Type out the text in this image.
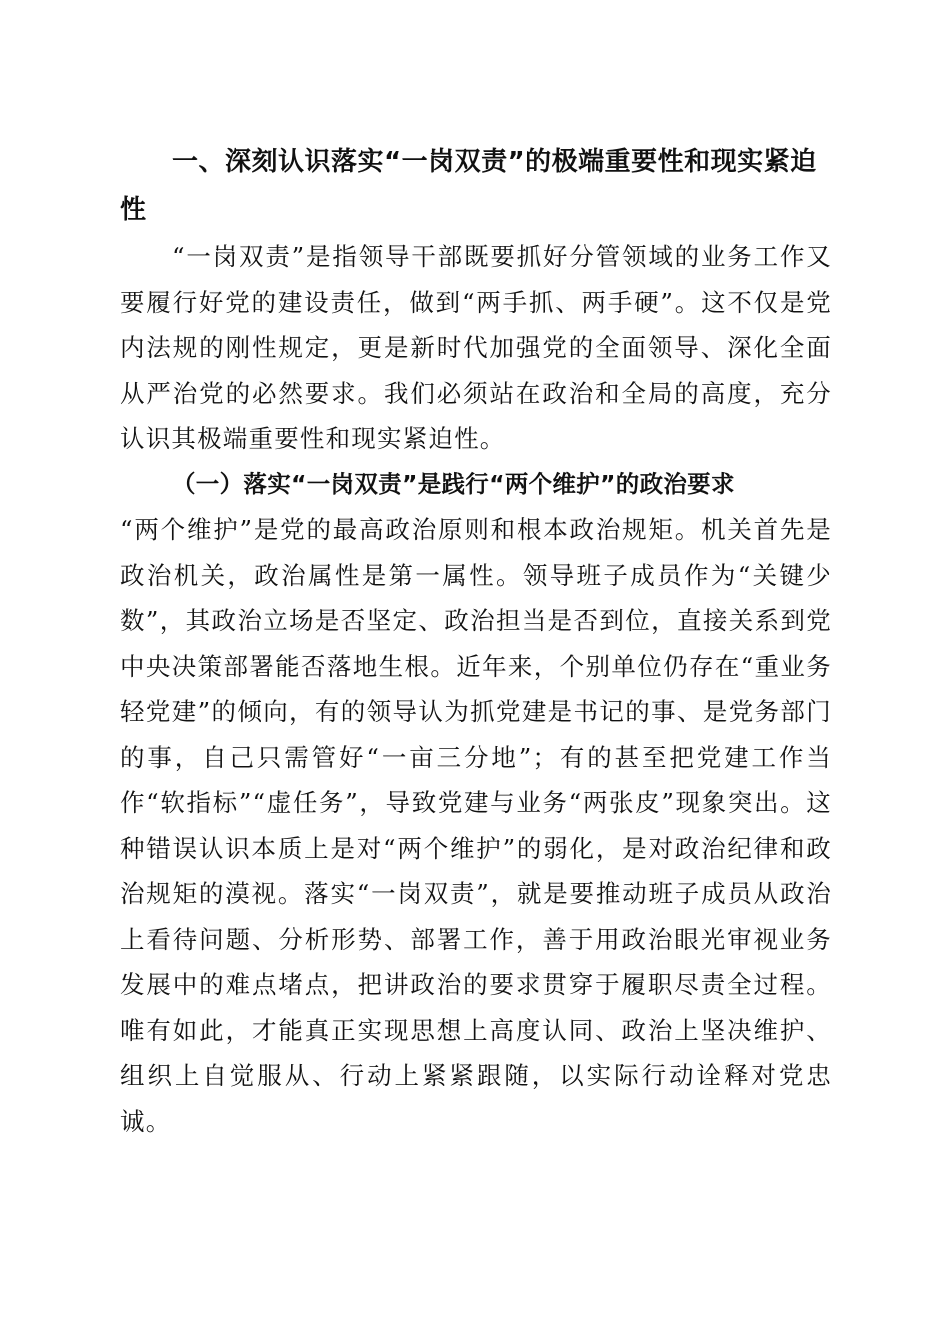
一、深刻认识落实“一岗双责”的极端重要性和现实紧迫性

“一岗双责”是指领导干部既要抓好分管领域的业务工作又要履行好党的建设责任，做到“两手抓、两手硬”。这不仅是党内法规的刚性规定，更是新时代加强党的全面领导、深化全面从严治党的必然要求。我们必须站在政治和全局的高度，充分认识其极端重要性和现实紧迫性。

（一）落实“一岗双责”是践行“两个维护”的政治要求

“两个维护”是党的最高政治原则和根本政治规矩。机关首先是政治机关，政治属性是第一属性。领导班子成员作为“关键少数”，其政治立场是否坚定、政治担当是否到位，直接关系到党中央决策部署能否落地生根。近年来，个别单位仍存在“重业务轻党建”的倾向，有的领导认为抓党建是书记的事、是党务部门的事，自己只需管好“一亩三分地”；有的甚至把党建工作当作“软指标”“虚任务”，导致党建与业务“两张皮”现象突出。这种错误认识本质上是对“两个维护”的弱化，是对政治纪律和政治规矩的漠视。落实“一岗双责”，就是要推动班子成员从政治上看待问题、分析形势、部署工作，善于用政治眼光审视业务发展中的难点堵点，把讲政治的要求贯穿于履职尽责全过程。唯有如此，才能真正实现思想上高度认同、政治上坚决维护、组织上自觉服从、行动上紧紧跟随，以实际行动诠释对党忠诚。
